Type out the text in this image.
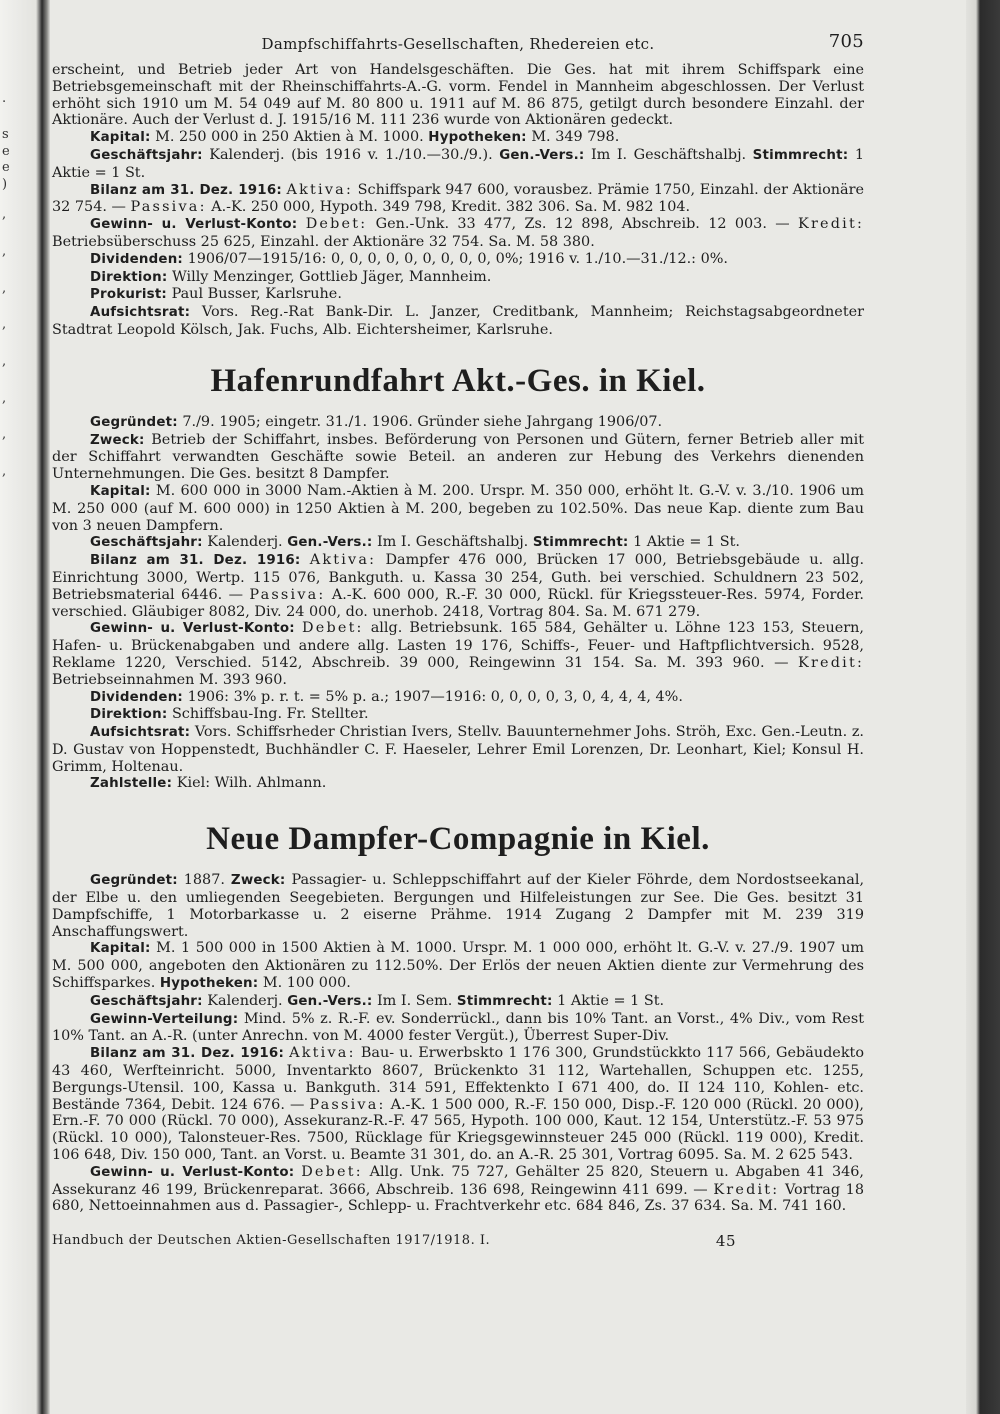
.
s
e
e
)
,
,
,
,
,
,
,
,
Dampfschiffahrts-Gesellschaften, Rhedereien etc.	705

erscheint, und Betrieb jeder Art von Handelsgeschäften. Die Ges. hat mit ihrem Schiffspark eine Betriebsgemeinschaft mit der Rheinschiffahrts-A.-G. vorm. Fendel in Mannheim abgeschlossen. Der Verlust erhöht sich 1910 um M. 54 049 auf M. 80 800 u. 1911 auf M. 86 875, getilgt durch besondere Einzahl. der Aktionäre. Auch der Verlust d. J. 1915/16 M. 111 236 wurde von Aktionären gedeckt.

Kapital: M. 250 000 in 250 Aktien à M. 1000. Hypotheken: M. 349 798.

Geschäftsjahr: Kalenderj. (bis 1916 v. 1./10.—30./9.). Gen.-Vers.: Im I. Geschäftshalbj. Stimmrecht: 1 Aktie = 1 St.

Bilanz am 31. Dez. 1916: Aktiva: Schiffspark 947 600, vorausbez. Prämie 1750, Einzahl. der Aktionäre 32 754. — Passiva: A.-K. 250 000, Hypoth. 349 798, Kredit. 382 306. Sa. M. 982 104.

Gewinn- u. Verlust-Konto: Debet: Gen.-Unk. 33 477, Zs. 12 898, Abschreib. 12 003. — Kredit: Betriebsüberschuss 25 625, Einzahl. der Aktionäre 32 754. Sa. M. 58 380.

Dividenden: 1906/07—1915/16: 0, 0, 0, 0, 0, 0, 0, 0, 0, 0%; 1916 v. 1./10.—31./12.: 0%.

Direktion: Willy Menzinger, Gottlieb Jäger, Mannheim.

Prokurist: Paul Busser, Karlsruhe.

Aufsichtsrat: Vors. Reg.-Rat Bank-Dir. L. Janzer, Creditbank, Mannheim; Reichstagsabgeordneter Stadtrat Leopold Kölsch, Jak. Fuchs, Alb. Eichtersheimer, Karlsruhe.

Hafenrundfahrt Akt.-Ges. in Kiel.

Gegründet: 7./9. 1905; eingetr. 31./1. 1906. Gründer siehe Jahrgang 1906/07.

Zweck: Betrieb der Schiffahrt, insbes. Beförderung von Personen und Gütern, ferner Betrieb aller mit der Schiffahrt verwandten Geschäfte sowie Beteil. an anderen zur Hebung des Verkehrs dienenden Unternehmungen. Die Ges. besitzt 8 Dampfer.

Kapital: M. 600 000 in 3000 Nam.-Aktien à M. 200. Urspr. M. 350 000, erhöht lt. G.-V. v. 3./10. 1906 um M. 250 000 (auf M. 600 000) in 1250 Aktien à M. 200, begeben zu 102.50%. Das neue Kap. diente zum Bau von 3 neuen Dampfern.

Geschäftsjahr: Kalenderj. Gen.-Vers.: Im I. Geschäftshalbj. Stimmrecht: 1 Aktie = 1 St.

Bilanz am 31. Dez. 1916: Aktiva: Dampfer 476 000, Brücken 17 000, Betriebsgebäude u. allg. Einrichtung 3000, Wertp. 115 076, Bankguth. u. Kassa 30 254, Guth. bei verschied. Schuldnern 23 502, Betriebsmaterial 6446. — Passiva: A.-K. 600 000, R.-F. 30 000, Rückl. für Kriegssteuer-Res. 5974, Forder. verschied. Gläubiger 8082, Div. 24 000, do. unerhob. 2418, Vortrag 804. Sa. M. 671 279.

Gewinn- u. Verlust-Konto: Debet: allg. Betriebsunk. 165 584, Gehälter u. Löhne 123 153, Steuern, Hafen- u. Brückenabgaben und andere allg. Lasten 19 176, Schiffs-, Feuer- und Haftpflichtversich. 9528, Reklame 1220, Verschied. 5142, Abschreib. 39 000, Reingewinn 31 154. Sa. M. 393 960. — Kredit: Betriebseinnahmen M. 393 960.

Dividenden: 1906: 3% p. r. t. = 5% p. a.; 1907—1916: 0, 0, 0, 0, 3, 0, 4, 4, 4, 4%.

Direktion: Schiffsbau-Ing. Fr. Stellter.

Aufsichtsrat: Vors. Schiffsrheder Christian Ivers, Stellv. Bauunternehmer Johs. Ströh, Exc. Gen.-Leutn. z. D. Gustav von Hoppenstedt, Buchhändler C. F. Haeseler, Lehrer Emil Lorenzen, Dr. Leonhart, Kiel; Konsul H. Grimm, Holtenau.

Zahlstelle: Kiel: Wilh. Ahlmann.

Neue Dampfer-Compagnie in Kiel.

Gegründet: 1887. Zweck: Passagier- u. Schleppschiffahrt auf der Kieler Föhrde, dem Nordostseekanal, der Elbe u. den umliegenden Seegebieten. Bergungen und Hilfeleistungen zur See. Die Ges. besitzt 31 Dampfschiffe, 1 Motorbarkasse u. 2 eiserne Prähme. 1914 Zugang 2 Dampfer mit M. 239 319 Anschaffungswert.

Kapital: M. 1 500 000 in 1500 Aktien à M. 1000. Urspr. M. 1 000 000, erhöht lt. G.-V. v. 27./9. 1907 um M. 500 000, angeboten den Aktionären zu 112.50%. Der Erlös der neuen Aktien diente zur Vermehrung des Schiffsparkes. Hypotheken: M. 100 000.

Geschäftsjahr: Kalenderj. Gen.-Vers.: Im I. Sem. Stimmrecht: 1 Aktie = 1 St.

Gewinn-Verteilung: Mind. 5% z. R.-F. ev. Sonderrückl., dann bis 10% Tant. an Vorst., 4% Div., vom Rest 10% Tant. an A.-R. (unter Anrechn. von M. 4000 fester Vergüt.), Überrest Super-Div.

Bilanz am 31. Dez. 1916: Aktiva: Bau- u. Erwerbskto 1 176 300, Grundstückkto 117 566, Gebäudekto 43 460, Werfteinricht. 5000, Inventarkto 8607, Brückenkto 31 112, Wartehallen, Schuppen etc. 1255, Bergungs-Utensil. 100, Kassa u. Bankguth. 314 591, Effektenkto I 671 400, do. II 124 110, Kohlen- etc. Bestände 7364, Debit. 124 676. — Passiva: A.-K. 1 500 000, R.-F. 150 000, Disp.-F. 120 000 (Rückl. 20 000), Ern.-F. 70 000 (Rückl. 70 000), Assekuranz-R.-F. 47 565, Hypoth. 100 000, Kaut. 12 154, Unterstütz.-F. 53 975 (Rückl. 10 000), Talonsteuer-Res. 7500, Rücklage für Kriegsgewinnsteuer 245 000 (Rückl. 119 000), Kredit. 106 648, Div. 150 000, Tant. an Vorst. u. Beamte 31 301, do. an A.-R. 25 301, Vortrag 6095. Sa. M. 2 625 543.

Gewinn- u. Verlust-Konto: Debet: Allg. Unk. 75 727, Gehälter 25 820, Steuern u. Abgaben 41 346, Assekuranz 46 199, Brückenreparat. 3666, Abschreib. 136 698, Reingewinn 411 699. — Kredit: Vortrag 18 680, Nettoeinnahmen aus d. Passagier-, Schlepp- u. Frachtverkehr etc. 684 846, Zs. 37 634. Sa. M. 741 160.

Handbuch der Deutschen Aktien-Gesellschaften 1917/1918. I.	45
